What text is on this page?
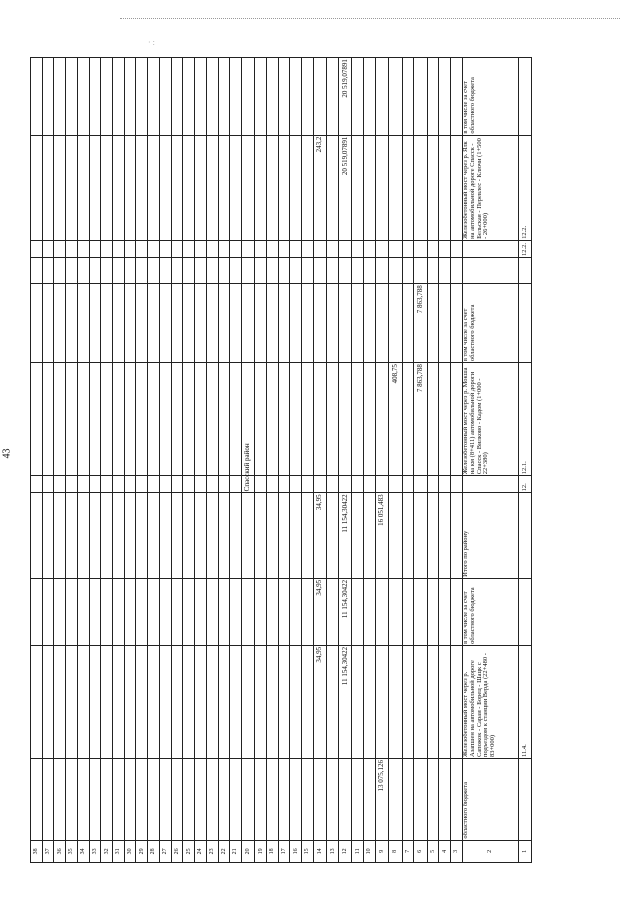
· :
43
38											
37											
36											
35											
34											
33											
32											
31											
30											
29											
28											
27											
26											
25											
24											
23											
22											
21											
20					Спасский район						
19											
18											
17											
16											
15											
14		34,95	34,95	34,95						243,2	
13											
12		11 154,30422	11 154,30422	11 154,30422						20 519,07891	20 519,07891
11											
10											
9	13 075,126			16 051,483							
8						408,75					
7											
6						7 863,788	7 863,788				
5											
4											
3											
2	областного бюджета	Железобетонный мост через р. Азапшен на автомобильной дороге Сапожок - Сараи - Борец - Шацк с подъездом к станции Верда (22+480 - 83+000)	в том числе за счет областного бюджета	Итого по району		Железобетонный мост через р. Мокша на км (8+411) автомобильной дороги Спасск - Вилково - Кадом (1+000 - 22+380)	в том числе за счет областного бюджета			Железобетонный мост через р. Ялк на автомобильной дороге Спасск - Бельская - Перевлес - Ключи (1+500 - 26+000)	в том числе за счет областного бюджета
1		11.4.			12.	12.1.			12.2.	12.2.	
